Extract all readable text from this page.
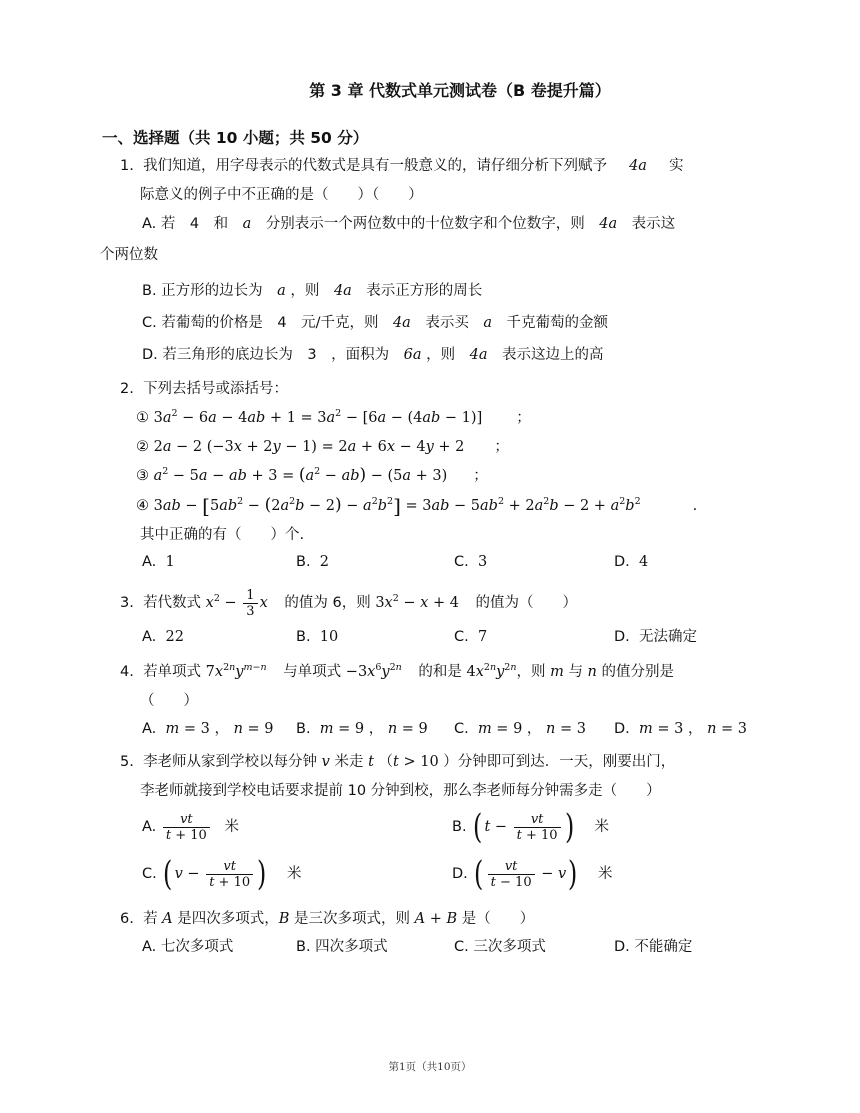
第 3 章 代数式单元测试卷（B 卷提升篇）
一、选择题（共 10 小题；共 50 分）
1. 我们知道，用字母表示的代数式是具有一般意义的，请仔细分析下列赋予 4a 实
际意义的例子中不正确的是（　　）（　　）
A. 若　4　和　a　分别表示一个两位数中的十位数字和个位数字，则　4a　表示这
个两位数
B. 正方形的边长为　a ，则　4a　表示正方形的周长
C. 若葡萄的价格是　4　元/千克，则　4a　表示买　a　千克葡萄的金额
D. 若三角形的底边长为　3　，面积为　6a ，则　4a　表示这边上的高
2. 下列去括号或添括号：
① $3a^2 - 6a - 4ab + 1 = 3a^2 - [6a - (4ab - 1)]$ ；
② 2a − 2 (−3x + 2y − 1) = 2a + 6x − 4y + 2 ；
③ $a^2 - 5a$ − ab + $3 = (a^2 - ab) - (5a + 3)$ ；
④ $3ab - [5ab^2 - (2a^2b - 2) - a^2b^2] = 3ab - 5ab^2 + 2a^2b - 2 + a^2b^2$	.
其中正确的有（　　）个.
A. 1	B. 2	C. 3	D. 4
3. 若代数式 $x^2 - \frac{1}{3}$ x 的值为 6，则 $3x^2 - x + 4$ 的值为（　　）
A. 22	B. 10	C. 7	D. 无法确定
4. 若单项式 $7x^{2n}y^{m-n}$ 与单项式 $-3x^6y^{2n}$ 的和是 $4x^{2n}y^{2n}$，则 m 与 n 的值分别是
（　　）
A. m = 3 ， n = 9 B. m = 9 ， n = 9 C. m = 9 ， n = 3 D. m = 3 ， n = 3
5. 李老师从家到学校以每分钟 v 米走 t （t > 10 ）分钟即可到达．一天，刚要出门，
李老师就接到学校电话要求提前 10 分钟到校，那么李老师每分钟需多走（　　）
A. $\frac{vt}{t + 10}$ 米	B. ( $t - \frac{vt}{t + 10}$ ) 米
C. ( $v - \frac{vt}{t + 10}$ ) 米	D. ( $\frac{vt}{t - 10} - v$) 米
6. 若 A 是四次多项式，B 是三次多项式，则 A + B 是（　　）
A. 七次多项式	B. 四次多项式	C. 三次多项式	D. 不能确定
第1页（共10页）
